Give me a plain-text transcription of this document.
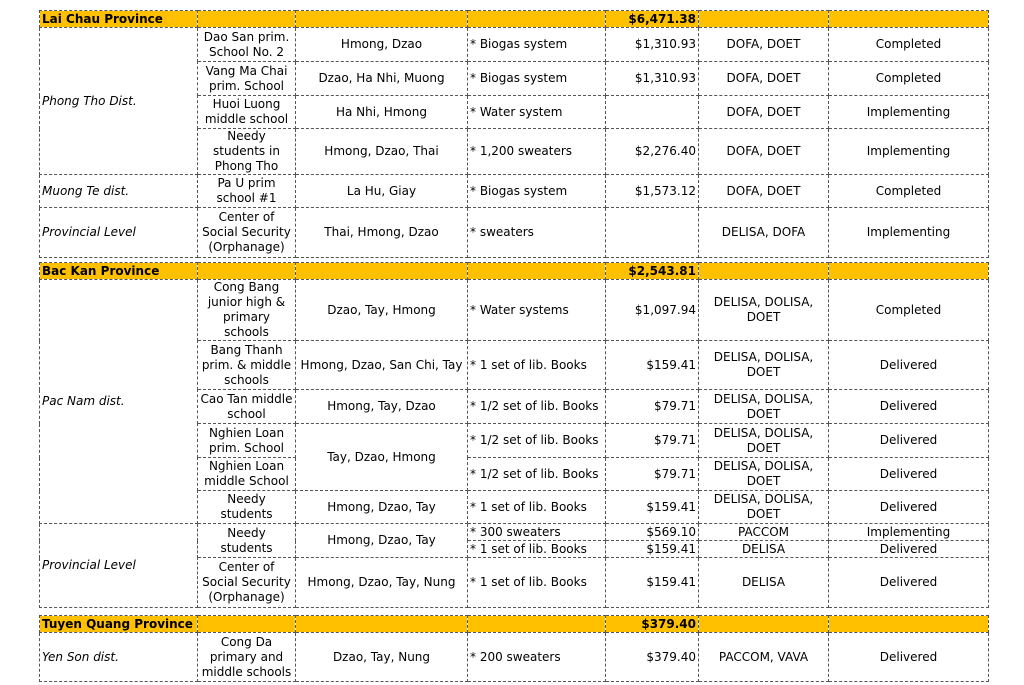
Lai Chau Province				$6,471.38		
Phong Tho Dist.	Dao San prim. School No. 2	Hmong, Dzao	* Biogas system	$1,310.93	DOFA, DOET	Completed
	Vang Ma Chai prim. School	Dzao, Ha Nhi, Muong	* Biogas system	$1,310.93	DOFA, DOET	Completed
	Huoi Luong middle school	Ha Nhi, Hmong	* Water system		DOFA, DOET	Implementing
	Needy students in Phong Tho	Hmong, Dzao, Thai	* 1,200 sweaters	$2,276.40	DOFA, DOET	Implementing
Muong Te dist.	Pa U prim school #1	La Hu, Giay	* Biogas system	$1,573.12	DOFA, DOET	Completed
Provincial Level	Center of Social Security (Orphanage)	Thai, Hmong, Dzao	* sweaters		DELISA, DOFA	Implementing
Bac Kan Province				$2,543.81		
Pac Nam dist.	Cong Bang junior high & primary schools	Dzao, Tay, Hmong	* Water systems	$1,097.94	DELISA, DOLISA, DOET	Completed
	Bang Thanh prim. & middle schools	Hmong, Dzao, San Chi, Tay	* 1 set of lib. Books	$159.41	DELISA, DOLISA, DOET	Delivered
	Cao Tan middle school	Hmong, Tay, Dzao	* 1/2 set of lib. Books	$79.71	DELISA, DOLISA, DOET	Delivered
	Nghien Loan prim. School	Tay, Dzao, Hmong	* 1/2 set of lib. Books	$79.71	DELISA, DOLISA, DOET	Delivered
	Nghien Loan middle School		* 1/2 set of lib. Books	$79.71	DELISA, DOLISA, DOET	Delivered
	Needy students	Hmong, Dzao, Tay	* 1 set of lib. Books	$159.41	DELISA, DOLISA, DOET	Delivered
Provincial Level	Needy students	Hmong, Dzao, Tay	* 300 sweaters	$569.10	PACCOM	Implementing
			* 1 set of lib. Books	$159.41	DELISA	Delivered
	Center of Social Security (Orphanage)	Hmong, Dzao, Tay, Nung	* 1 set of lib. Books	$159.41	DELISA	Delivered
Tuyen Quang Province				$379.40		
Yen Son dist.	Cong Da primary and middle schools	Dzao, Tay, Nung	* 200 sweaters	$379.40	PACCOM, VAVA	Delivered
